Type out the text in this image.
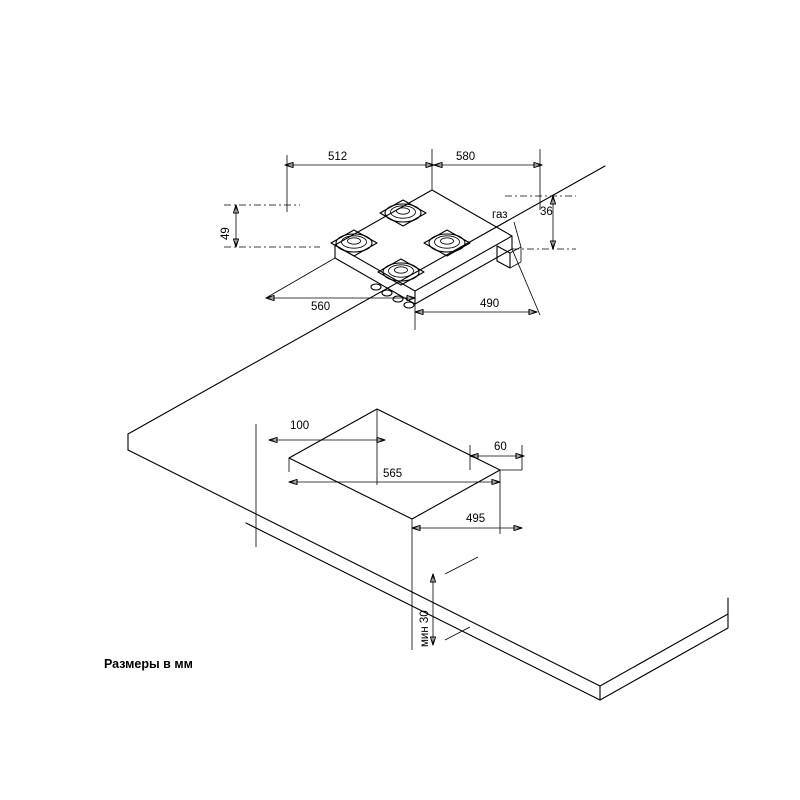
512	580
36
49
560	490
газ
100
60
565
495
мин 30
Размеры в мм
